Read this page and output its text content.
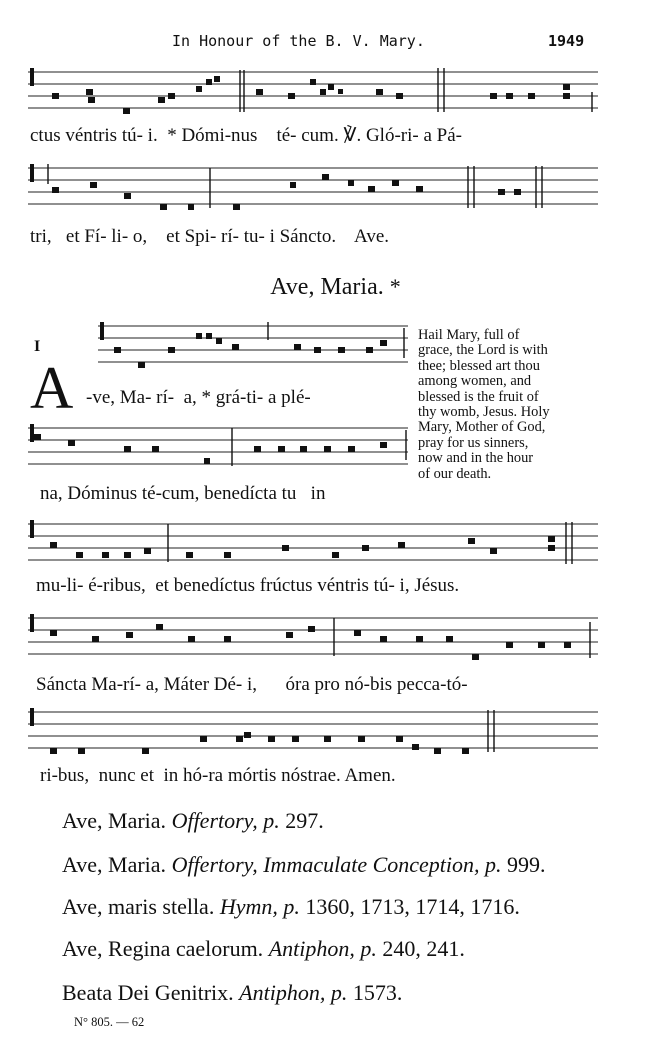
In Honour of the B. V. Mary.	1949
ctus véntris tú- i.  * Dómi-nus    té- cum. ℣. Gló-ri- a Pá-
tri,   et Fí- li- o,    et Spi- rí- tu- i Sáncto.    Ave.
Ave, Maria. *
I
A -ve, Ma- rí-  a, * grá-ti- a plé-
Hail Mary, full of
grace, the Lord is with
thee; blessed art thou
among women, and
blessed is the fruit of
thy womb, Jesus. Holy
Mary, Mother of God,
pray for us sinners,
now and in the hour
of our death.
na, Dóminus té-cum, benedícta tu   in
mu-li- é-ribus,  et benedíctus frúctus véntris tú- i, Jésus.
Sáncta Ma-rí- a, Máter Dé- i,      óra pro nó-bis pecca-tó-
ri-bus,  nunc et  in hó-ra mórtis nóstrae. Amen.
Ave, Maria. Offertory, p. 297.
Ave, Maria. Offertory, Immaculate Conception, p. 999.
Ave, maris stella. Hymn, p. 1360, 1713, 1714, 1716.
Ave, Regina caelorum. Antiphon, p. 240, 241.
Beata Dei Genitrix. Antiphon, p. 1573.
N° 805. — 62
